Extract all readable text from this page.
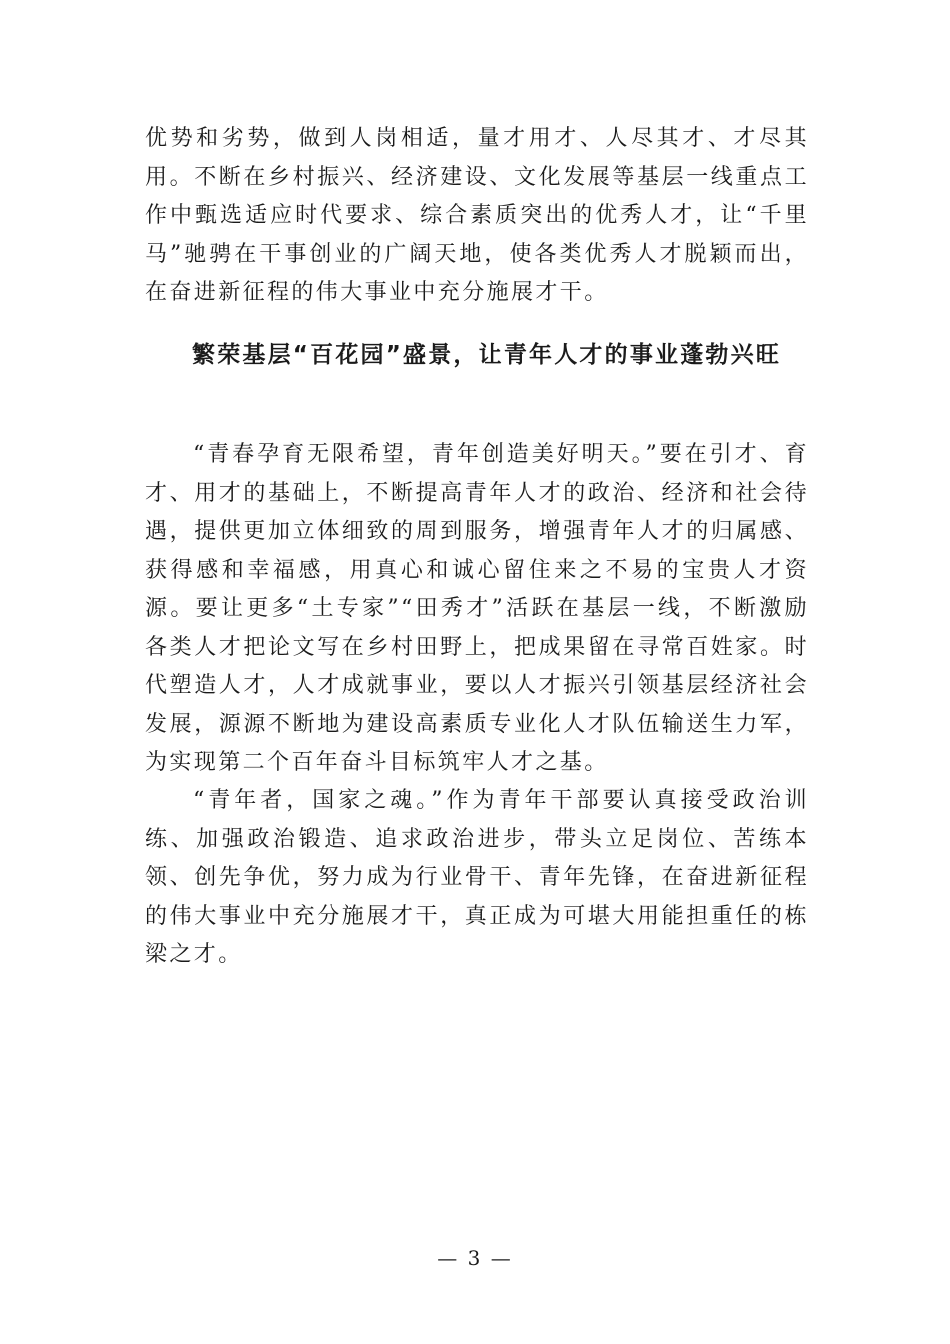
优势和劣势，做到人岗相适，量才用才、人尽其才、才尽其用。不断在乡村振兴、经济建设、文化发展等基层一线重点工作中甄选适应时代要求、综合素质突出的优秀人才，让“千里马”驰骋在干事创业的广阔天地，使各类优秀人才脱颖而出，在奋进新征程的伟大事业中充分施展才干。

繁荣基层“百花园”盛景，让青年人才的事业蓬勃兴旺

“青春孕育无限希望，青年创造美好明天。”要在引才、育才、用才的基础上，不断提高青年人才的政治、经济和社会待遇，提供更加立体细致的周到服务，增强青年人才的归属感、获得感和幸福感，用真心和诚心留住来之不易的宝贵人才资源。要让更多“土专家”“田秀才”活跃在基层一线，不断激励各类人才把论文写在乡村田野上，把成果留在寻常百姓家。时代塑造人才，人才成就事业，要以人才振兴引领基层经济社会发展，源源不断地为建设高素质专业化人才队伍输送生力军，为实现第二个百年奋斗目标筑牢人才之基。

“青年者，国家之魂。”作为青年干部要认真接受政治训练、加强政治锻造、追求政治进步，带头立足岗位、苦练本领、创先争优，努力成为行业骨干、青年先锋，在奋进新征程的伟大事业中充分施展才干，真正成为可堪大用能担重任的栋梁之才。

— 3 —
